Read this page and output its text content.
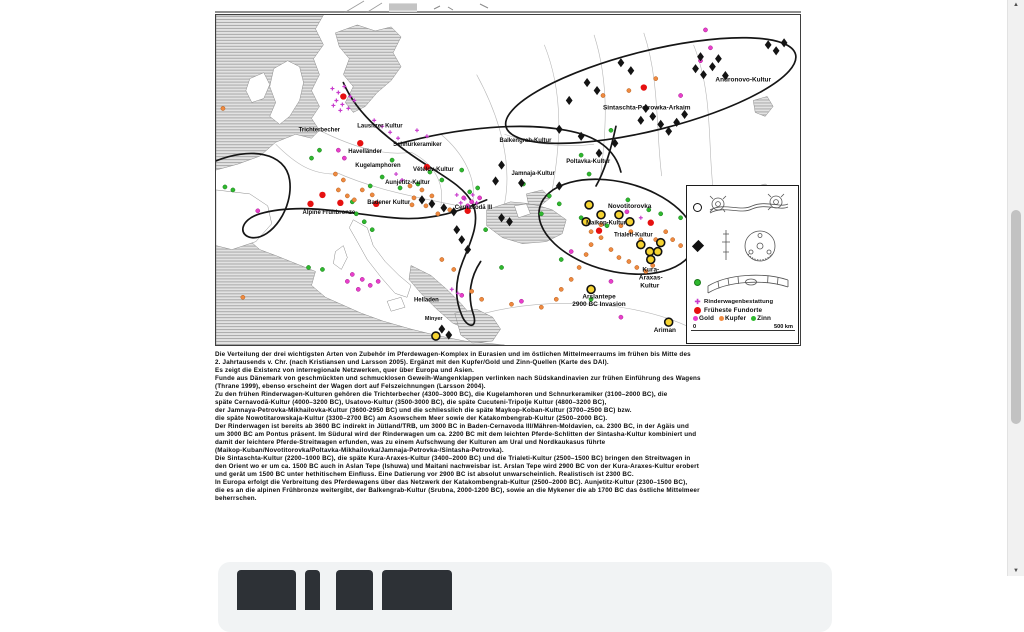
Trichterbecher
Lausitzer Kultur
Schnurkeramiker
Havelländer
Kugelamphoren
Větelov-Kultur
Aunjetitz-Kultur
Badener Kultur
Alpine Frühbronze
Balkengrab-Kultur
Jamnaja-Kultur
Poltavka-Kultur
Cernavodă III
Sintaschta-Petrowka-Arkaim
Andronovo-Kultur
Novotitorovka
Maikop-Kultur
Trialeti-Kultur
Kura-
Araxas-
Kultur
Arslantepe
2900 BC Invasion
Ariman
Helladen
Minyer
✚ Rinderwagenbestattung
Früheste Fundorte
Gold Kupfer Zinn
0	500 km
Die Verteilung der drei wichtigsten Arten von Zubehör im Pferdewagen-Komplex in Eurasien und im östlichen Mittelmeerraums im frühen bis Mitte des
2. Jahrtausends v. Chr. (nach Kristiansen und Larsson 2005). Ergänzt mit den Kupfer/Gold und Zinn-Quellen (Karte des DAI).
Es zeigt die Existenz von interregionale Netzwerken, quer über Europa und Asien.
Funde aus Dänemark von geschmückten und schmucklosen Geweih-Wangenklappen verlinken nach Südskandinavien zur frühen Einführung des Wagens
(Thrane 1999), ebenso erscheint der Wagen dort auf Felszeichnungen (Larsson 2004).
Zu den frühen Rinderwagen-Kulturen gehören die Trichterbecher (4300–3000 BC), die Kugelamhoren und Schnurkeramiker (3100–2000 BC), die
späte Cernavodă-Kultur (4000–3200 BC), Usatovo-Kultur (3500-3000 BC), die späte Cucuteni-Tripolje Kultur (4800–3200 BC),
der Jamnaya-Petrovka-Mikhailovka-Kultur (3600-2950 BC) und die schliesslich die späte Maykop-Koban-Kultur (3700–2500 BC) bzw.
die späte Nowotitarowskaja-Kultur (3300–2700 BC) am Asowschem Meer sowie der Katakombengrab-Kultur (2500–2000 BC).
Der Rinderwagen ist bereits ab 3600 BC indirekt in Jütland/TRB, um 3000 BC in Baden-Cernavoda III/Mähren-Moldavien, ca. 2300 BC, in der Ägäis und
um 3000 BC am Pontus präsent. Im Südural wird der Rinderwagen um ca. 2200 BC mit dem leichten Pferde-Schlitten der Sintasha-Kultur kombiniert und
damit der leichtere Pferde-Streitwagen erfunden, was zu einem Aufschwung der Kulturen am Ural und Nordkaukasus führte
(Maikop-Kuban/Novotitorovka/Poltavka-Mikhailovka/Jamnaja-Petrovka-/Sintasha-Petrovka).
Die Sintaschta-Kultur (2200–1000 BC), die späte Kura-Araxes-Kultur (3400–2000 BC) und die Trialeti-Kultur (2500–1500 BC) bringen den Streitwagen in
den Orient wo er um ca. 1500 BC auch in Aslan Tepe (Ishuwa) und Maitani nachweisbar ist. Arslan Tepe wird 2900 BC von der Kura-Araxes-Kultur erobert
und gerät um 1500 BC unter hethitischem Einfluss. Eine Datierung vor 2900 BC ist absolut unwarscheinlich. Realistisch ist 2300 BC.
In Europa erfolgt die Verbreitung des Pferdewagens über das Netzwerk der Katakombengrab-Kultur (2500–2000 BC). Aunjetitz-Kultur (2300–1500 BC),
die es an die alpinen Frühbronze weitergibt, der Balkengrab-Kultur (Srubna, 2000-1200 BC), sowie an die Mykener die ab 1700 BC das östliche Mittelmeer
beherrschen.
▲
▼
